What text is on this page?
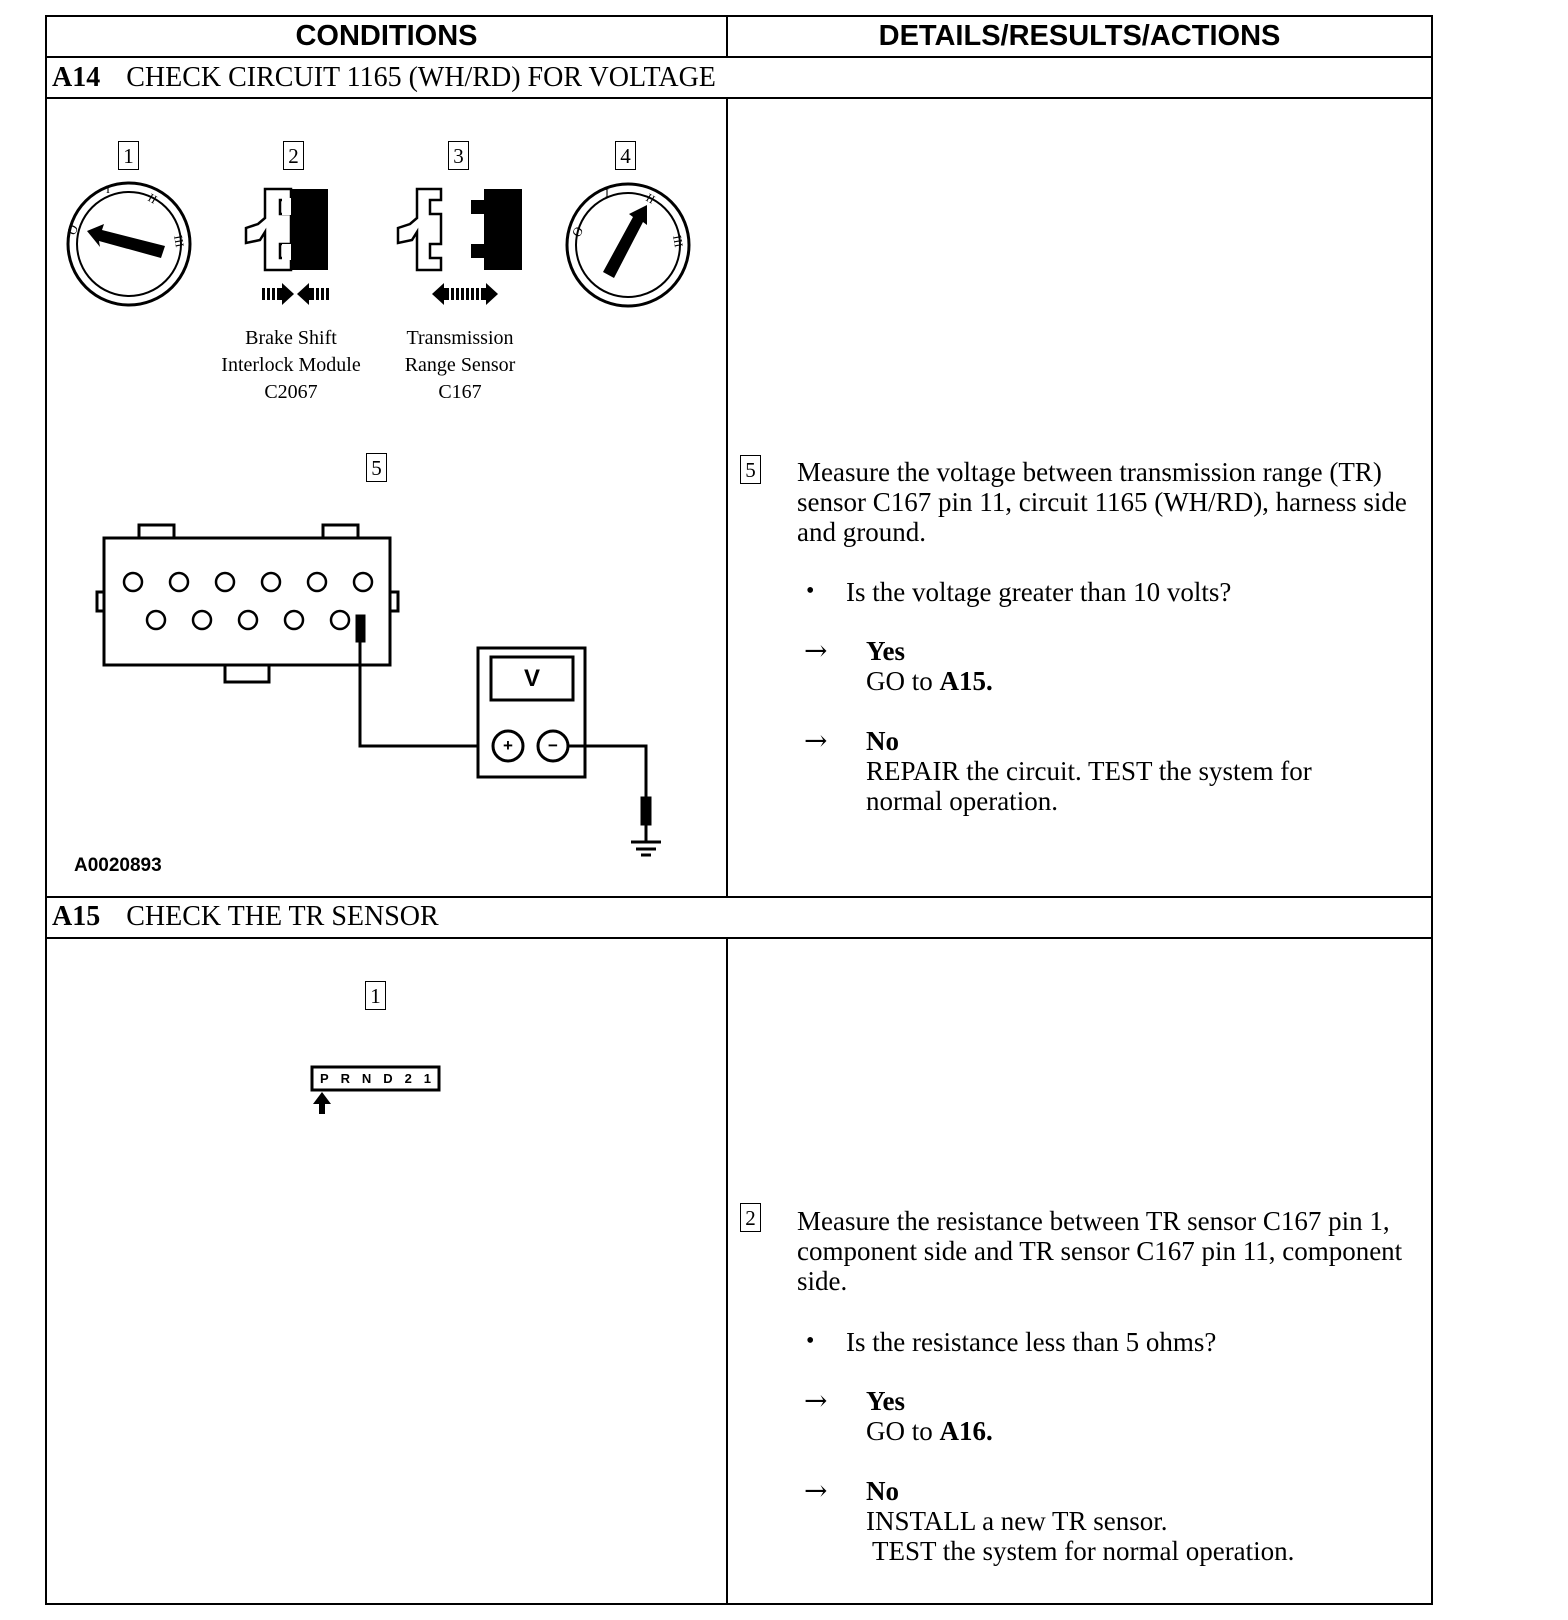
CONDITIONS	DETAILS/RESULTS/ACTIONS
A14 CHECK CIRCUIT 1165 (WH/RD) FOR VOLTAGE
1	2	3	4
5
O
I
II
III
O
I	II
III
Brake Shift
Interlock Module
C2067
Transmission
Range Sensor
C167
V
+	−
A0020893
5 Measure the voltage between transmission range (TR) sensor C167 pin 11, circuit 1165 (WH/RD), harness side and ground.
• Is the voltage greater than 10 volts?
→ Yes
GO to A15.
→ No
REPAIR the circuit. TEST the system for
normal operation.
A15 CHECK THE TR SENSOR
1
P R N D 2 1
2 Measure the resistance between TR sensor C167 pin 1, component side and TR sensor C167 pin 11, component side.
• Is the resistance less than 5 ohms?
→ Yes
GO to A16.
→ No
INSTALL a new TR sensor.
TEST the system for normal operation.
